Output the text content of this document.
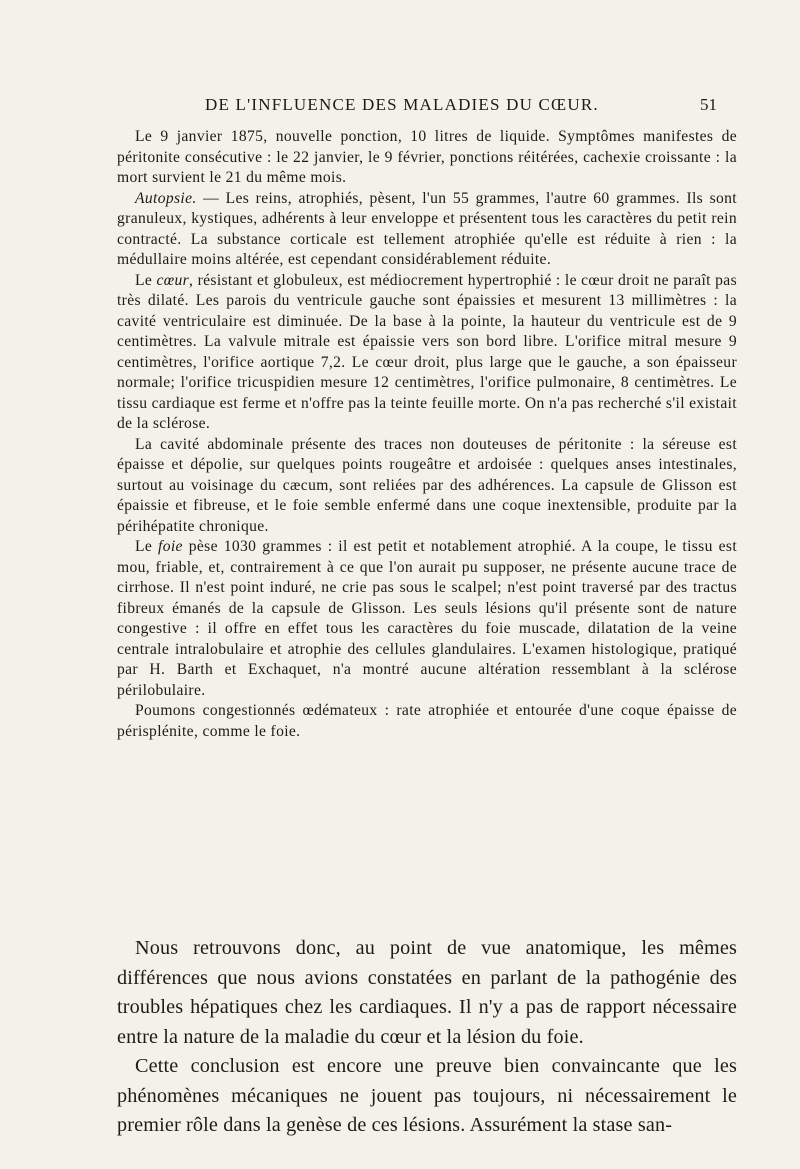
DE L'INFLUENCE DES MALADIES DU CŒUR.	51

Le 9 janvier 1875, nouvelle ponction, 10 litres de liquide. Symptômes manifestes de péritonite consécutive : le 22 janvier, le 9 février, ponctions réitérées, cachexie croissante : la mort survient le 21 du même mois.

Autopsie. — Les reins, atrophiés, pèsent, l'un 55 grammes, l'autre 60 grammes. Ils sont granuleux, kystiques, adhérents à leur enveloppe et présentent tous les caractères du petit rein contracté. La substance corticale est tellement atrophiée qu'elle est réduite à rien : la médullaire moins altérée, est cependant considérablement réduite.

Le cœur, résistant et globuleux, est médiocrement hypertrophié : le cœur droit ne paraît pas très dilaté. Les parois du ventricule gauche sont épaissies et mesurent 13 millimètres : la cavité ventriculaire est diminuée. De la base à la pointe, la hauteur du ventricule est de 9 centimètres. La valvule mitrale est épaissie vers son bord libre. L'orifice mitral mesure 9 centimètres, l'orifice aortique 7,2. Le cœur droit, plus large que le gauche, a son épaisseur normale; l'orifice tricuspidien mesure 12 centimètres, l'orifice pulmonaire, 8 centimètres. Le tissu cardiaque est ferme et n'offre pas la teinte feuille morte. On n'a pas recherché s'il existait de la sclérose.

La cavité abdominale présente des traces non douteuses de péritonite : la séreuse est épaisse et dépolie, sur quelques points rougeâtre et ardoisée : quelques anses intestinales, surtout au voisinage du cæcum, sont reliées par des adhérences. La capsule de Glisson est épaissie et fibreuse, et le foie semble enfermé dans une coque inextensible, produite par la périhépatite chronique.

Le foie pèse 1030 grammes : il est petit et notablement atrophié. A la coupe, le tissu est mou, friable, et, contrairement à ce que l'on aurait pu supposer, ne présente aucune trace de cirrhose. Il n'est point induré, ne crie pas sous le scalpel; n'est point traversé par des tractus fibreux émanés de la capsule de Glisson. Les seuls lésions qu'il présente sont de nature congestive : il offre en effet tous les caractères du foie muscade, dilatation de la veine centrale intralobulaire et atrophie des cellules glandulaires. L'examen histologique, pratiqué par H. Barth et Exchaquet, n'a montré aucune altération ressemblant à la sclérose périlobulaire.

Poumons congestionnés œdémateux : rate atrophiée et entourée d'une coque épaisse de périsplénite, comme le foie.

Nous retrouvons donc, au point de vue anatomique, les mêmes différences que nous avions constatées en parlant de la pathogénie des troubles hépatiques chez les cardiaques. Il n'y a pas de rapport nécessaire entre la nature de la maladie du cœur et la lésion du foie.

Cette conclusion est encore une preuve bien convaincante que les phénomènes mécaniques ne jouent pas toujours, ni nécessairement le premier rôle dans la genèse de ces lésions. Assurément la stase san-
